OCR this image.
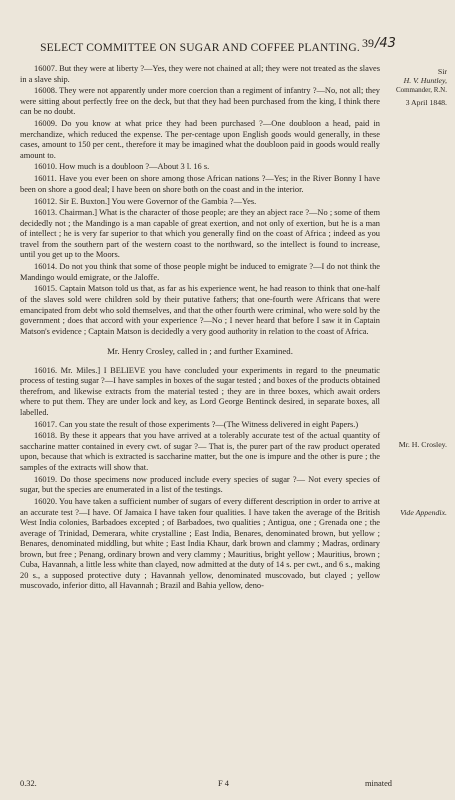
SELECT COMMITTEE ON SUGAR AND COFFEE PLANTING. 39/43
Sir
H. V. Huntley,
Commander, R.N.
3 April 1848.
Mr. H. Crosley.
Vide Appendix.

16007. But they were at liberty ?—Yes, they were not chained at all; they were not treated as the slaves in a slave ship.

16008. They were not apparently under more coercion than a regiment of infantry ?—No, not all; they were sitting about perfectly free on the deck, but that they had been purchased from the king, I think there can be no doubt.

16009. Do you know at what price they had been purchased ?—One doubloon a head, paid in merchandize, which reduced the expense. The per-centage upon English goods would generally, in these cases, amount to 150 per cent., therefore it may be imagined what the doubloon paid in goods would really amount to.

16010. How much is a doubloon ?—About 3 l. 16 s.

16011. Have you ever been on shore among those African nations ?—Yes; in the River Bonny I have been on shore a good deal; I have been on shore both on the coast and in the interior.

16012. Sir E. Buxton.] You were Governor of the Gambia ?—Yes.

16013. Chairman.] What is the character of those people; are they an abject race ?—No ; some of them decidedly not ; the Mandingo is a man capable of great exertion, and not only of exertion, but he is a man of intellect ; he is very far superior to that which you generally find on the coast of Africa ; indeed as you travel from the southern part of the western coast to the northward, so the intellect is found to increase, until you get up to the Moors.

16014. Do not you think that some of those people might be induced to emigrate ?—I do not think the Mandingo would emigrate, or the Jaloffe.

16015. Captain Matson told us that, as far as his experience went, he had reason to think that one-half of the slaves sold were children sold by their putative fathers; that one-fourth were Africans that were emancipated from debt who sold themselves, and that the other fourth were criminal, who were sold by the government ; does that accord with your experience ?—No ; I never heard that before I saw it in Captain Matson's evidence ; Captain Matson is decidedly a very good authority in relation to the coast of Africa.

Mr. Henry Crosley, called in ; and further Examined.

16016. Mr. Miles.] I BELIEVE you have concluded your experiments in regard to the pneumatic process of testing sugar ?—I have samples in boxes of the sugar tested ; and boxes of the products obtained therefrom, and likewise extracts from the material tested ; they are in three boxes, which await orders where to put them. They are under lock and key, as Lord George Bentinck desired, in separate boxes, all labelled.

16017. Can you state the result of those experiments ?—(The Witness delivered in eight Papers.)

16018. By these it appears that you have arrived at a tolerably accurate test of the actual quantity of saccharine matter contained in every cwt. of sugar ?— That is, the purer part of the raw product operated upon, because that which is extracted is saccharine matter, but the one is impure and the other is pure ; the samples of the extracts will show that.

16019. Do those specimens now produced include every species of sugar ?— Not every species of sugar, but the species are enumerated in a list of the testings.

16020. You have taken a sufficient number of sugars of every different description in order to arrive at an accurate test ?—I have. Of Jamaica I have taken four qualities. I have taken the average of the British West India colonies, Barbadoes excepted ; of Barbadoes, two qualities ; Antigua, one ; Grenada one ; the average of Trinidad, Demerara, white crystalline ; East India, Benares, denominated brown, but yellow ; Benares, denominated middling, but white ; East India Khaur, dark brown and clammy ; Madras, ordinary brown, but free ; Penang, ordinary brown and very clammy ; Mauritius, bright yellow ; Mauritius, brown ; Cuba, Havannah, a little less white than clayed, now admitted at the duty of 14 s. per cwt., and 6 s., making 20 s., a supposed protective duty ; Havannah yellow, denominated muscovado, but clayed ; yellow muscovado, inferior ditto, all Havannah ; Brazil and Bahia yellow, deno-

0.32.	F 4	minated
